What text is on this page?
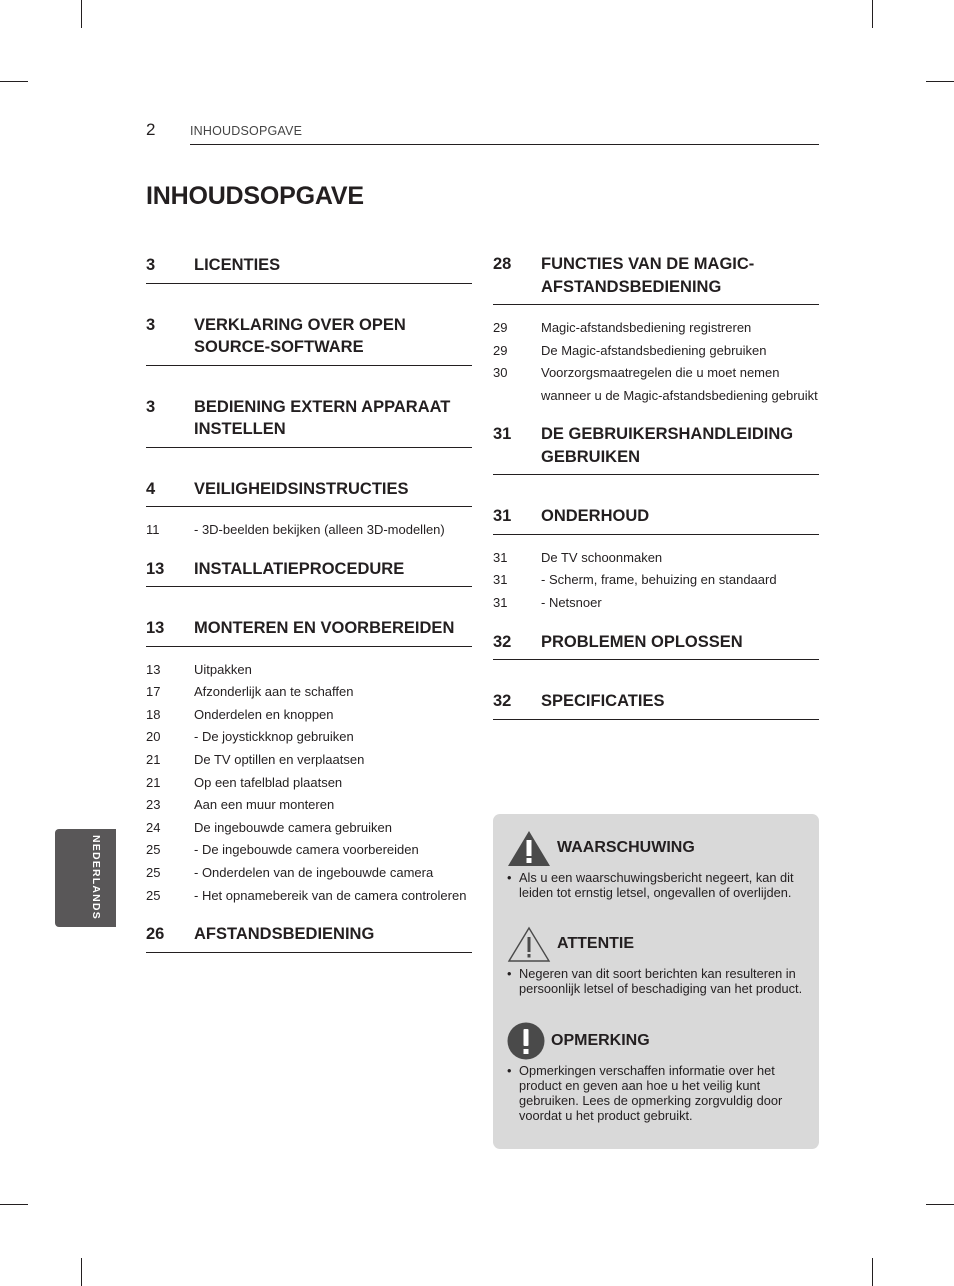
2	INHOUDSOPGAVE
INHOUDSOPGAVE
NEDERLANDS
3	LICENTIES
3	VERKLARING OVER OPEN SOURCE-SOFTWARE
3	BEDIENING EXTERN APPARAAT INSTELLEN
4	VEILIGHEIDSINSTRUCTIES
11	- 3D-beelden bekijken (alleen 3D-modellen)
13	INSTALLATIEPROCEDURE
13	MONTEREN EN VOORBEREIDEN
13	Uitpakken
17	Afzonderlijk aan te schaffen
18	Onderdelen en knoppen
20	- De joystickknop gebruiken
21	De TV optillen en verplaatsen
21	Op een tafelblad plaatsen
23	Aan een muur monteren
24	De ingebouwde camera gebruiken
25	- De ingebouwde camera voorbereiden
25	- Onderdelen van de ingebouwde camera
25	- Het opnamebereik van de camera controleren
26	AFSTANDSBEDIENING
28	FUNCTIES VAN DE MAGIC-AFSTANDSBEDIENING
29	Magic-afstandsbediening registreren
29	De Magic-afstandsbediening gebruiken
30	Voorzorgsmaatregelen die u moet nemen wanneer u de Magic-afstandsbediening gebruikt
31	DE GEBRUIKERSHANDLEIDING GEBRUIKEN
31	ONDERHOUD
31	De TV schoonmaken
31	- Scherm, frame, behuizing en standaard
31	- Netsnoer
32	PROBLEMEN OPLOSSEN
32	SPECIFICATIES
WAARSCHUWING
• Als u een waarschuwingsbericht negeert, kan dit leiden tot ernstig letsel, ongevallen of overlijden.
ATTENTIE
• Negeren van dit soort berichten kan resulteren in persoonlijk letsel of beschadiging van het product.
OPMERKING
• Opmerkingen verschaffen informatie over het product en geven aan hoe u het veilig kunt gebruiken. Lees de opmerking zorgvuldig door voordat u het product gebruikt.
